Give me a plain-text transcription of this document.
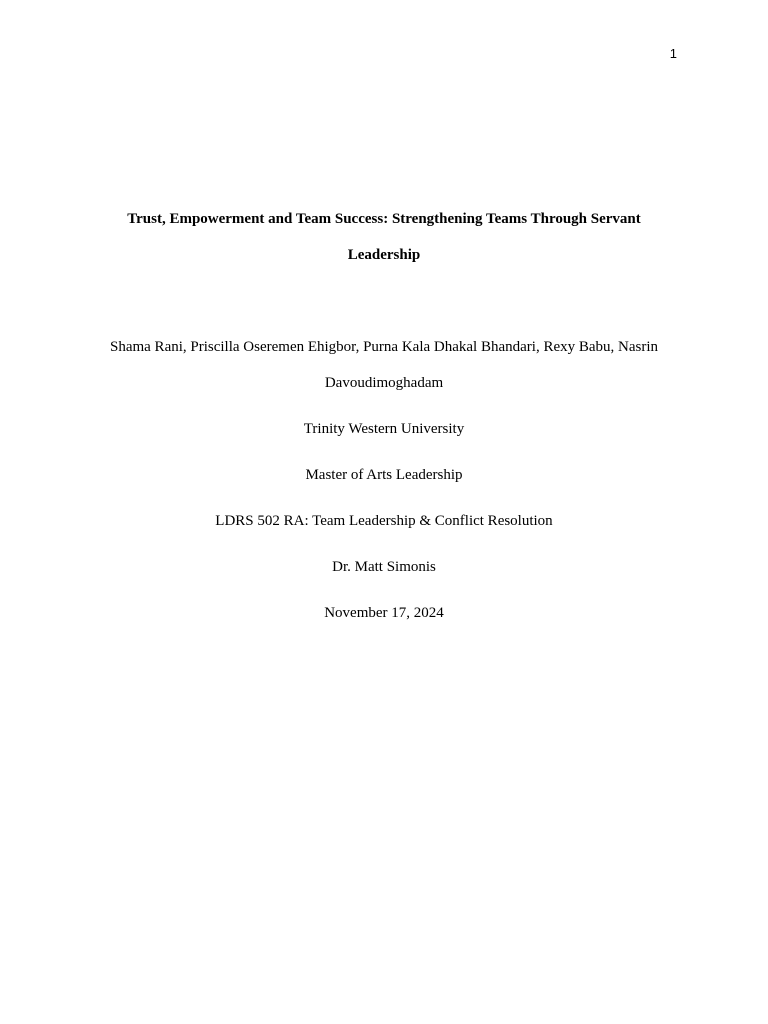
1
Trust, Empowerment and Team Success: Strengthening Teams Through Servant
Leadership
Shama Rani, Priscilla Oseremen Ehigbor, Purna Kala Dhakal Bhandari, Rexy Babu, Nasrin
Davoudimoghadam
Trinity Western University
Master of Arts Leadership
LDRS 502 RA: Team Leadership & Conflict Resolution
Dr. Matt Simonis
November 17, 2024
